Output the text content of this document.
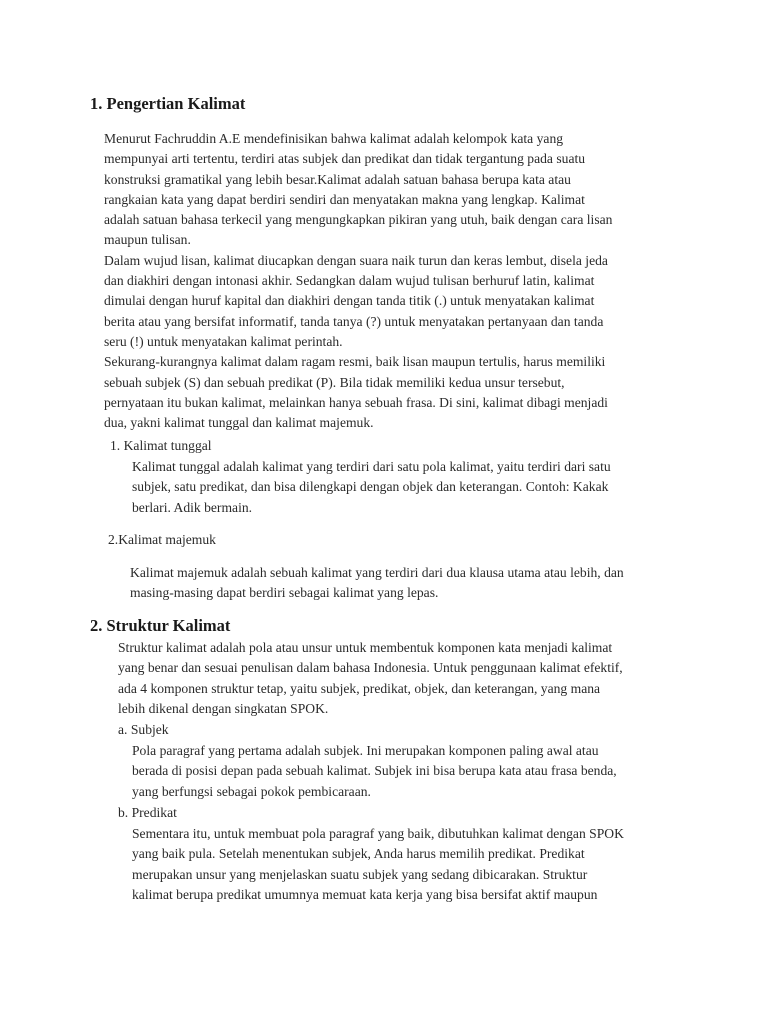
1. Pengertian Kalimat
Menurut Fachruddin A.E mendefinisikan bahwa kalimat adalah kelompok kata yang
mempunyai arti tertentu, terdiri atas subjek dan predikat dan tidak tergantung pada suatu
konstruksi gramatikal yang lebih besar.Kalimat adalah satuan bahasa berupa kata atau
rangkaian kata yang dapat berdiri sendiri dan menyatakan makna yang lengkap. Kalimat
adalah satuan bahasa terkecil yang mengungkapkan pikiran yang utuh, baik dengan cara lisan
maupun tulisan.
Dalam wujud lisan, kalimat diucapkan dengan suara naik turun dan keras lembut, disela jeda
dan diakhiri dengan intonasi akhir. Sedangkan dalam wujud tulisan berhuruf latin, kalimat
dimulai dengan huruf kapital dan diakhiri dengan tanda titik (.) untuk menyatakan kalimat
berita atau yang bersifat informatif, tanda tanya (?) untuk menyatakan pertanyaan dan tanda
seru (!) untuk menyatakan kalimat perintah.
Sekurang-kurangnya kalimat dalam ragam resmi, baik lisan maupun tertulis, harus memiliki
sebuah subjek (S) dan sebuah predikat (P). Bila tidak memiliki kedua unsur tersebut,
pernyataan itu bukan kalimat, melainkan hanya sebuah frasa. Di sini, kalimat dibagi menjadi
dua, yakni kalimat tunggal dan kalimat majemuk.

1. Kalimat tunggal

Kalimat tunggal adalah kalimat yang terdiri dari satu pola kalimat, yaitu terdiri dari satu
subjek, satu predikat, dan bisa dilengkapi dengan objek dan keterangan. Contoh: Kakak
berlari. Adik bermain.

2.Kalimat majemuk

Kalimat majemuk adalah sebuah kalimat yang terdiri dari dua klausa utama atau lebih, dan
masing-masing dapat berdiri sebagai kalimat yang lepas.
2. Struktur Kalimat
Struktur kalimat adalah pola atau unsur untuk membentuk komponen kata menjadi kalimat
yang benar dan sesuai penulisan dalam bahasa Indonesia. Untuk penggunaan kalimat efektif,
ada 4 komponen struktur tetap, yaitu subjek, predikat, objek, dan keterangan, yang mana
lebih dikenal dengan singkatan SPOK.

a. Subjek

Pola paragraf yang pertama adalah subjek. Ini merupakan komponen paling awal atau
berada di posisi depan pada sebuah kalimat. Subjek ini bisa berupa kata atau frasa benda,
yang berfungsi sebagai pokok pembicaraan.

b. Predikat

Sementara itu, untuk membuat pola paragraf yang baik, dibutuhkan kalimat dengan SPOK
yang baik pula. Setelah menentukan subjek, Anda harus memilih predikat. Predikat
merupakan unsur yang menjelaskan suatu subjek yang sedang dibicarakan. Struktur
kalimat berupa predikat umumnya memuat kata kerja yang bisa bersifat aktif maupun
